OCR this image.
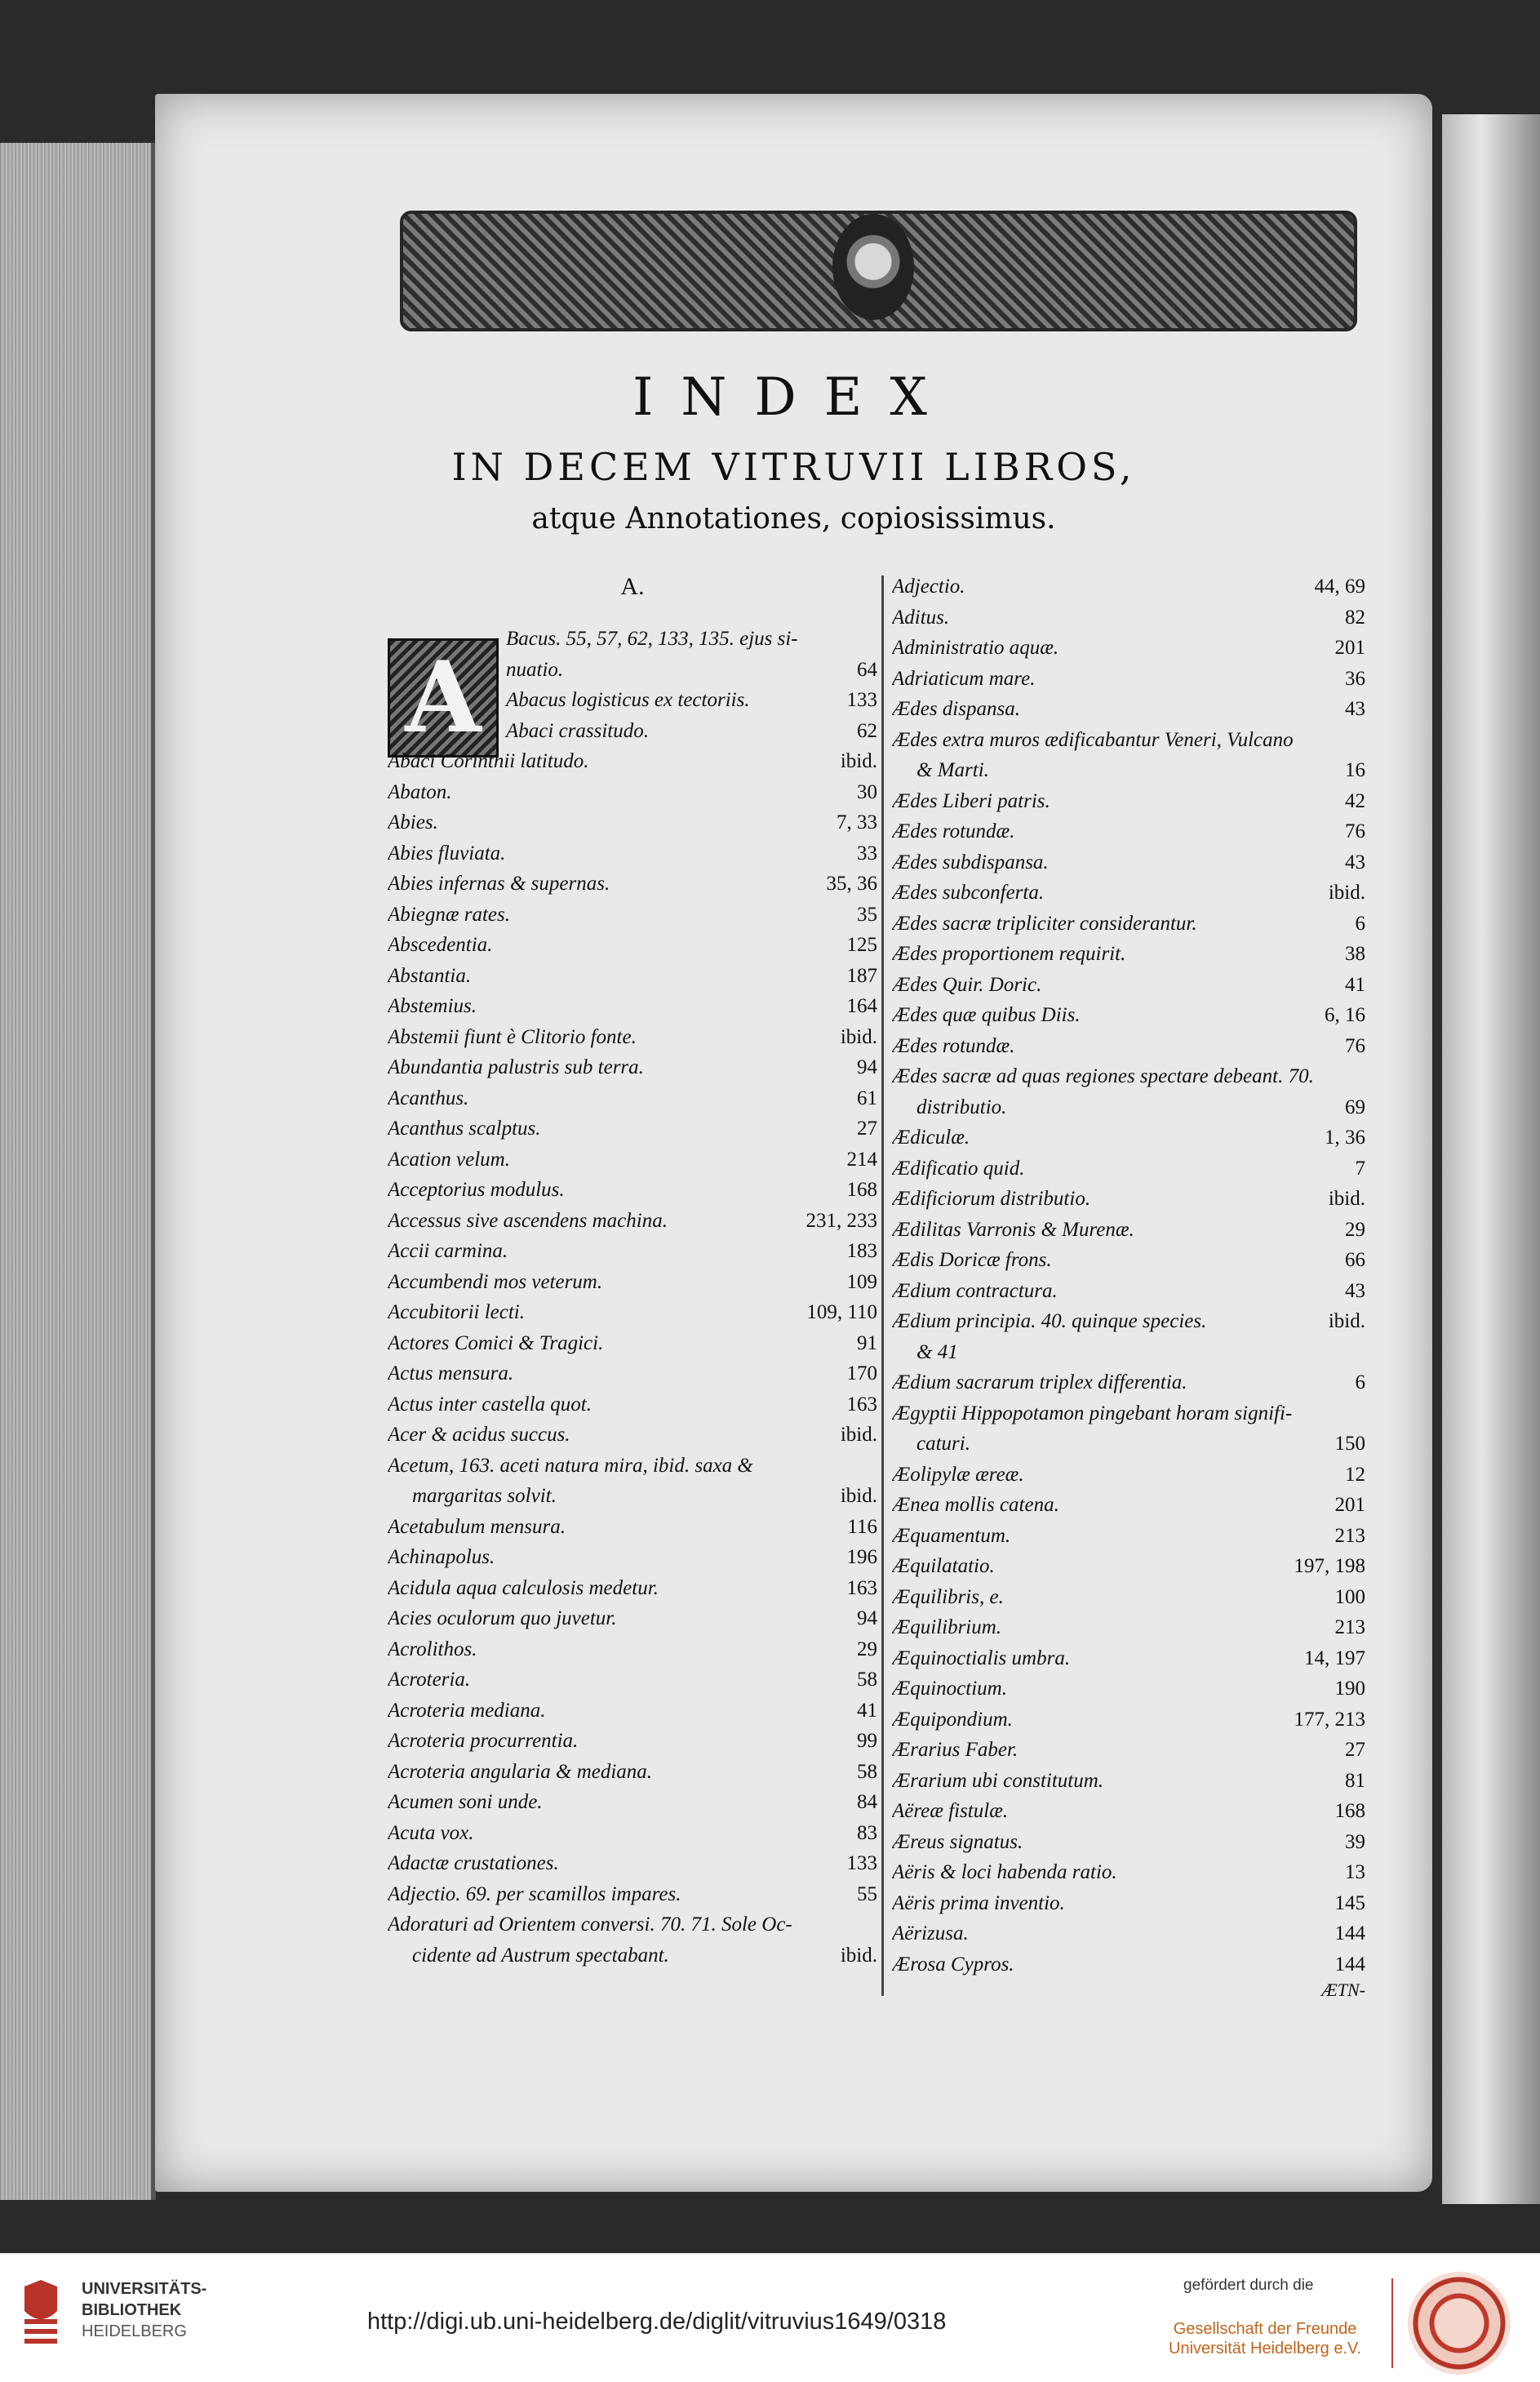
INDEX
IN DECEM VITRUVII LIBROS,
atque Annotationes, copiosissimus.
A
A.
Bacus. 55, 57, 62, 133, 135. ejus si-
nuatio.	64
Abacus logisticus ex tectoriis.	133
Abaci crassitudo.	62
Abaci Corinthii latitudo.	ibid.
Abaton.	30
Abies.	7, 33
Abies fluviata.	33
Abies infernas & supernas.	35, 36
Abiegnæ rates.	35
Abscedentia.	125
Abstantia.	187
Abstemius.	164
Abstemii fiunt è Clitorio fonte.	ibid.
Abundantia palustris sub terra.	94
Acanthus.	61
Acanthus scalptus.	27
Acation velum.	214
Acceptorius modulus.	168
Accessus sive ascendens machina.	231, 233
Accii carmina.	183
Accumbendi mos veterum.	109
Accubitorii lecti.	109, 110
Actores Comici & Tragici.	91
Actus mensura.	170
Actus inter castella quot.	163
Acer & acidus succus.	ibid.
Acetum, 163. aceti natura mira, ibid. saxa &
margaritas solvit.	ibid.
Acetabulum mensura.	116
Achinapolus.	196
Acidula aqua calculosis medetur.	163
Acies oculorum quo juvetur.	94
Acrolithos.	29
Acroteria.	58
Acroteria mediana.	41
Acroteria procurrentia.	99
Acroteria angularia & mediana.	58
Acumen soni unde.	84
Acuta vox.	83
Adactæ crustationes.	133
Adjectio. 69. per scamillos impares.	55
Adoraturi ad Orientem conversi. 70. 71. Sole Oc-
cidente ad Austrum spectabant.	ibid.
Adjectio.	44, 69
Aditus.	82
Administratio aquæ.	201
Adriaticum mare.	36
Ædes dispansa.	43
Ædes extra muros ædificabantur Veneri, Vulcano
& Marti.	16
Ædes Liberi patris.	42
Ædes rotundæ.	76
Ædes subdispansa.	43
Ædes subconferta.	ibid.
Ædes sacræ tripliciter considerantur.	6
Ædes proportionem requirit.	38
Ædes Quir. Doric.	41
Ædes quæ quibus Diis.	6, 16
Ædes rotundæ.	76
Ædes sacræ ad quas regiones spectare debeant. 70.
distributio.	69
Ædiculæ.	1, 36
Ædificatio quid.	7
Ædificiorum distributio.	ibid.
Ædilitas Varronis & Murenæ.	29
Ædis Doricæ frons.	66
Ædium contractura.	43
Ædium principia. 40. quinque species.	ibid.
& 41
Ædium sacrarum triplex differentia.	6
Ægyptii Hippopotamon pingebant horam signifi-
caturi.	150
Æolipylæ æreæ.	12
Ænea mollis catena.	201
Æquamentum.	213
Æquilatatio.	197, 198
Æquilibris, e.	100
Æquilibrium.	213
Æquinoctialis umbra.	14, 197
Æquinoctium.	190
Æquipondium.	177, 213
Ærarius Faber.	27
Ærarium ubi constitutum.	81
Aëreæ fistulæ.	168
Æreus signatus.	39
Aëris & loci habenda ratio.	13
Aëris prima inventio.	145
Aërizusa.	144
Ærosa Cypros.	144
ÆTN-
UNIVERSITÄTS-
BIBLIOTHEK
HEIDELBERG	http://digi.ub.uni-heidelberg.de/diglit/vitruvius1649/0318
gefördert durch die
Gesellschaft der Freunde
Universität Heidelberg e.V.
